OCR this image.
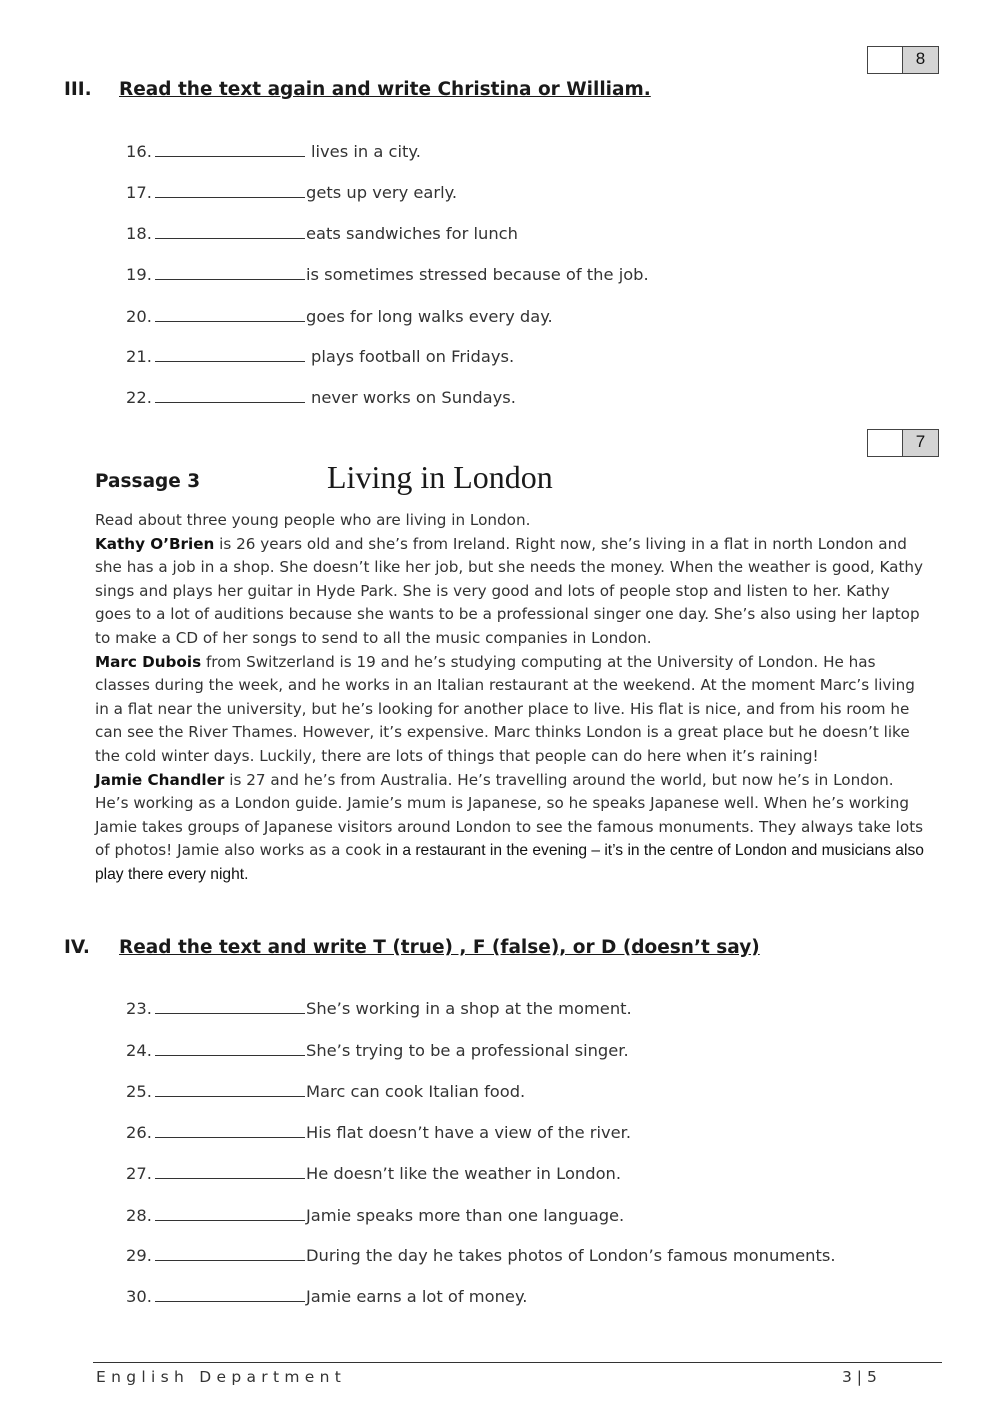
8
III. Read the text again and write Christina or William.
16.	lives in a city.
17.	gets up very early.
18.	eats sandwiches for lunch
19.	is sometimes stressed because of the job.
20.	goes for long walks every day.
21.	plays football on Fridays.
22.	never works on Sundays.
7
Passage 3	Living in London

Read about three young people who are living in London.

Kathy O’Brien is 26 years old and she’s from Ireland. Right now, she’s living in a flat in north London and she has a job in a shop. She doesn’t like her job, but she needs the money. When the weather is good, Kathy sings and plays her guitar in Hyde Park. She is very good and lots of people stop and listen to her. Kathy goes to a lot of auditions because she wants to be a professional singer one day. She’s also using her laptop to make a CD of her songs to send to all the music companies in London.

Marc Dubois from Switzerland is 19 and he’s studying computing at the University of London. He has classes during the week, and he works in an Italian restaurant at the weekend. At the moment Marc’s living in a flat near the university, but he’s looking for another place to live. His flat is nice, and from his room he can see the River Thames. However, it’s expensive. Marc thinks London is a great place but he doesn’t like the cold winter days. Luckily, there are lots of things that people can do here when it’s raining!

Jamie Chandler is 27 and he’s from Australia. He’s travelling around the world, but now he’s in London. He’s working as a London guide. Jamie’s mum is Japanese, so he speaks Japanese well. When he’s working Jamie takes groups of Japanese visitors around London to see the famous monuments. They always take lots of photos! Jamie also works as a cook in a restaurant in the evening – it’s in the centre of London and musicians also play there every night.

IV. Read the text and write T (true) , F (false), or D (doesn’t say)
23.	She’s working in a shop at the moment.
24.	She’s trying to be a professional singer.
25.	Marc can cook Italian food.
26.	His flat doesn’t have a view of the river.
27.	He doesn’t like the weather in London.
28.	Jamie speaks more than one language.
29.	During the day he takes photos of London’s famous monuments.
30.	Jamie earns a lot of money.
English Department	3 | 5
